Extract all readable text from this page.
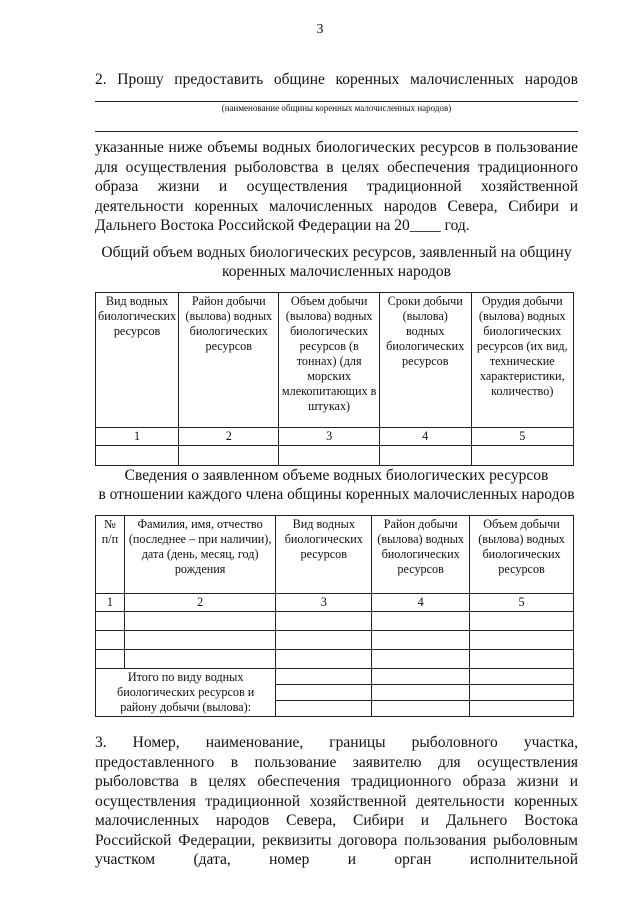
3
2. Прошу предоставить общине коренных малочисленных народов
(наименование общины коренных малочисленных народов)
указанные ниже объемы водных биологических ресурсов в пользование для осуществления рыболовства в целях обеспечения традиционного образа жизни и осуществления традиционной хозяйственной деятельности коренных малочисленных народов Севера, Сибири и Дальнего Востока Российской Федерации на 20____ год.
Общий объем водных биологических ресурсов, заявленный на общину
коренных малочисленных народов
Вид водных биологических ресурсов	Район добычи (вылова) водных биологических ресурсов	Объем добычи (вылова) водных биологических ресурсов (в тоннах) (для морских млекопитающих в штуках)	Сроки добычи (вылова) водных биологических ресурсов	Орудия добычи (вылова) водных биологических ресурсов (их вид, технические характеристики, количество)
1	2	3	4	5

Сведения о заявленном объеме водных биологических ресурсов
в отношении каждого члена общины коренных малочисленных народов
№ п/п	Фамилия, имя, отчество (последнее – при наличии), дата (день, месяц, год) рождения	Вид водных биологических ресурсов	Район добычи (вылова) водных биологических ресурсов	Объем добычи (вылова) водных биологических ресурсов
1	2	3	4	5

Итого по виду водных биологических ресурсов и району добычи (вылова):				

3. Номер, наименование, границы рыболовного участка, предоставленного в пользование заявителю для осуществления рыболовства в целях обеспечения традиционного образа жизни и осуществления традиционной хозяйственной деятельности коренных малочисленных народов Севера, Сибири и Дальнего Востока Российской Федерации, реквизиты договора пользования рыболовным участком (дата, номер и орган исполнительной
